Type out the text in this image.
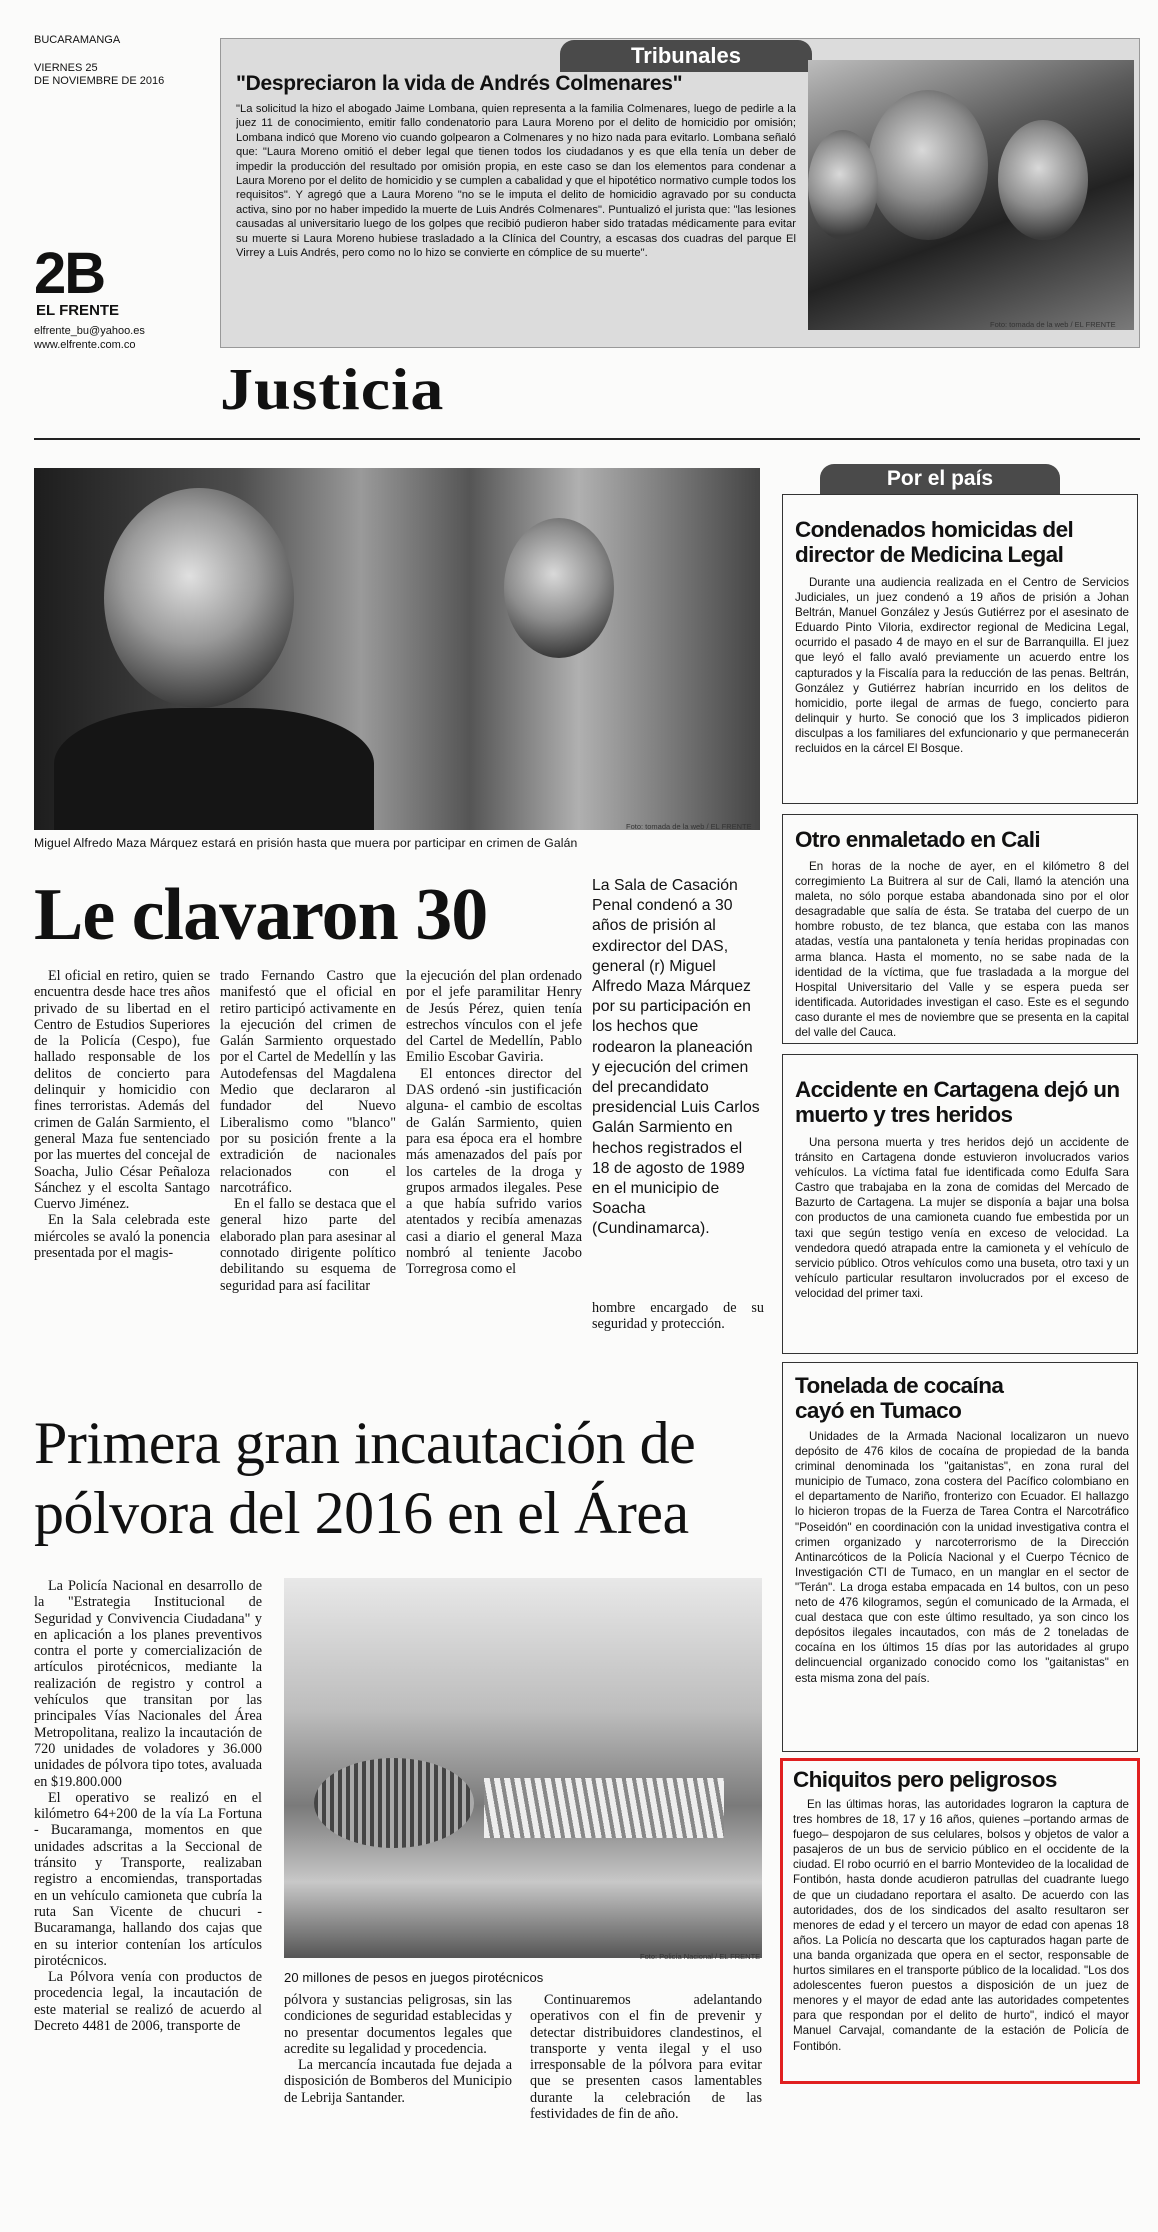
BUCARAMANGA
VIERNES 25
DE NOVIEMBRE DE 2016
2B
EL FRENTE
elfrente_bu@yahoo.es
www.elfrente.com.co
Tribunales
"Despreciaron la vida de Andrés Colmenares"
"La solicitud la hizo el abogado Jaime Lombana, quien representa a la familia Colmenares, luego de pedirle a la juez 11 de conocimiento, emitir fallo condenatorio para Laura Moreno por el delito de homicidio por omisión; Lombana indicó que Moreno vio cuando golpearon a Colmenares y no hizo nada para evitarlo. Lombana señaló que: "Laura Moreno omitió el deber legal que tienen todos los ciudadanos y es que ella tenía un deber de impedir la producción del resultado por omisión propia, en este caso se dan los elementos para condenar a Laura Moreno por el delito de homicidio y se cumplen a cabalidad y que el hipotético normativo cumple todos los requisitos". Y agregó que a Laura Moreno "no se le imputa el delito de homicidio agravado por su conducta activa, sino por no haber impedido la muerte de Luis Andrés Colmenares". Puntualizó el jurista que: "las lesiones causadas al universitario luego de los golpes que recibió pudieron haber sido tratadas médicamente para evitar su muerte si Laura Moreno hubiese trasladado a la Clínica del Country, a escasas dos cuadras del parque El Virrey a Luis Andrés, pero como no lo hizo se convierte en cómplice de su muerte".
Foto: tomada de la web / EL FRENTE
Justicia
Foto: tomada de la web / EL FRENTE
Miguel Alfredo Maza Márquez estará en prisión hasta que muera por participar en crimen de Galán
Le clavaron 30	La Sala de Casación Penal condenó a 30 años de prisión al exdirector del DAS, general (r) Miguel Alfredo Maza Márquez por su participación en los hechos que rodearon la planeación y ejecución del crimen del precandidato presidencial Luis Carlos Galán Sarmiento en hechos registrados el 18 de agosto de 1989 en el municipio de Soacha (Cundinamarca).

El oficial en retiro, quien se encuentra desde hace tres años privado de su libertad en el Centro de Estudios Superiores de la Policía (Cespo), fue hallado responsable de los delitos de concierto para delinquir y homicidio con fines terroristas. Además del crimen de Galán Sarmiento, el general Maza fue sentenciado por las muertes del concejal de Soacha, Julio César Peñaloza Sánchez y el escolta Santago Cuervo Jiménez.

En la Sala celebrada este miércoles se avaló la ponencia presentada por el magis-

trado Fernando Castro que manifestó que el oficial en retiro participó activamente en la ejecución del crimen de Galán Sarmiento orquestado por el Cartel de Medellín y las Autodefensas del Magdalena Medio que declararon al fundador del Nuevo Liberalismo como "blanco" por su posición frente a la extradición de nacionales relacionados con el narcotráfico.

En el fallo se destaca que el general hizo parte del elaborado plan para asesinar al connotado dirigente político debilitando su esquema de seguridad para así facilitar

la ejecución del plan ordenado por el jefe paramilitar Henry de Jesús Pérez, quien tenía estrechos vínculos con el jefe del Cartel de Medellín, Pablo Emilio Escobar Gaviria.

El entonces director del DAS ordenó -sin justificación alguna- el cambio de escoltas de Galán Sarmiento, quien para esa época era el hombre más amenazados del país por los carteles de la droga y grupos armados ilegales. Pese a que había sufrido varios atentados y recibía amenazas casi a diario el general Maza nombró al teniente Jacobo Torregrosa como el

hombre encargado de su seguridad y protección.

Primera gran incautación de pólvora del 2016 en el Área

La Policía Nacional en desarrollo de la "Estrategia Institucional de Seguridad y Convivencia Ciudadana" y en aplicación a los planes preventivos contra el porte y comercialización de artículos pirotécnicos, mediante la realización de registro y control a vehículos que transitan por las principales Vías Nacionales del Área Metropolitana, realizo la incautación de 720 unidades de voladores y 36.000 unidades de pólvora tipo totes, avaluada en $19.800.000

El operativo se realizó en el kilómetro 64+200 de la vía La Fortuna - Bucaramanga, momentos en que unidades adscritas a la Seccional de tránsito y Transporte, realizaban registro a encomiendas, transportadas en un vehículo camioneta que cubría la ruta San Vicente de chucuri - Bucaramanga, hallando dos cajas que en su interior contenían los artículos pirotécnicos.

La Pólvora venía con productos de procedencia legal, la incautación de este material se realizó de acuerdo al Decreto 4481 de 2006, transporte de

Foto: Policía Nacional / EL FRENTE
20 millones de pesos en juegos pirotécnicos

pólvora y sustancias peligrosas, sin las condiciones de seguridad establecidas y no presentar documentos legales que acredite su legalidad y procedencia.

La mercancía incautada fue dejada a disposición de Bomberos del Municipio de Lebrija Santander.

Continuaremos adelantando operativos con el fin de prevenir y detectar distribuidores clandestinos, el transporte y venta ilegal y el uso irresponsable de la pólvora para evitar que se presenten casos lamentables durante la celebración de las festividades de fin de año.

Por el país
Condenados homicidas del director de Medicina Legal

Durante una audiencia realizada en el Centro de Servicios Judiciales, un juez condenó a 19 años de prisión a Johan Beltrán, Manuel González y Jesús Gutiérrez por el asesinato de Eduardo Pinto Viloria, exdirector regional de Medicina Legal, ocurrido el pasado 4 de mayo en el sur de Barranquilla. El juez que leyó el fallo avaló previamente un acuerdo entre los capturados y la Fiscalía para la reducción de las penas. Beltrán, González y Gutiérrez habrían incurrido en los delitos de homicidio, porte ilegal de armas de fuego, concierto para delinquir y hurto. Se conoció que los 3 implicados pidieron disculpas a los familiares del exfuncionario y que permanecerán recluidos en la cárcel El Bosque.

Otro enmaletado en Cali

En horas de la noche de ayer, en el kilómetro 8 del corregimiento La Buitrera al sur de Cali, llamó la atención una maleta, no sólo porque estaba abandonada sino por el olor desagradable que salía de ésta. Se trataba del cuerpo de un hombre robusto, de tez blanca, que estaba con las manos atadas, vestía una pantaloneta y tenía heridas propinadas con arma blanca. Hasta el momento, no se sabe nada de la identidad de la víctima, que fue trasladada a la morgue del Hospital Universitario del Valle y se espera pueda ser identificada. Autoridades investigan el caso. Este es el segundo caso durante el mes de noviembre que se presenta en la capital del valle del Cauca.

Accidente en Cartagena dejó un muerto y tres heridos

Una persona muerta y tres heridos dejó un accidente de tránsito en Cartagena donde estuvieron involucrados varios vehículos. La víctima fatal fue identificada como Edulfa Sara Castro que trabajaba en la zona de comidas del Mercado de Bazurto de Cartagena. La mujer se disponía a bajar una bolsa con productos de una camioneta cuando fue embestida por un taxi que según testigo venía en exceso de velocidad. La vendedora quedó atrapada entre la camioneta y el vehículo de servicio público. Otros vehículos como una buseta, otro taxi y un vehículo particular resultaron involucrados por el exceso de velocidad del primer taxi.

Tonelada de cocaína cayó en Tumaco

Unidades de la Armada Nacional localizaron un nuevo depósito de 476 kilos de cocaína de propiedad de la banda criminal denominada los "gaitanistas", en zona rural del municipio de Tumaco, zona costera del Pacífico colombiano en el departamento de Nariño, fronterizo con Ecuador. El hallazgo lo hicieron tropas de la Fuerza de Tarea Contra el Narcotráfico "Poseidón" en coordinación con la unidad investigativa contra el crimen organizado y narcoterrorismo de la Dirección Antinarcóticos de la Policía Nacional y el Cuerpo Técnico de Investigación CTI de Tumaco, en un manglar en el sector de "Terán". La droga estaba empacada en 14 bultos, con un peso neto de 476 kilogramos, según el comunicado de la Armada, el cual destaca que con este último resultado, ya son cinco los depósitos ilegales incautados, con más de 2 toneladas de cocaína en los últimos 15 días por las autoridades al grupo delincuencial organizado conocido como los "gaitanistas" en esta misma zona del país.

Chiquitos pero peligrosos

En las últimas horas, las autoridades lograron la captura de tres hombres de 18, 17 y 16 años, quienes –portando armas de fuego– despojaron de sus celulares, bolsos y objetos de valor a pasajeros de un bus de servicio público en el occidente de la ciudad. El robo ocurrió en el barrio Montevideo de la localidad de Fontibón, hasta donde acudieron patrullas del cuadrante luego de que un ciudadano reportara el asalto. De acuerdo con las autoridades, dos de los sindicados del asalto resultaron ser menores de edad y el tercero un mayor de edad con apenas 18 años. La Policía no descarta que los capturados hagan parte de una banda organizada que opera en el sector, responsable de hurtos similares en el transporte público de la localidad. "Los dos adolescentes fueron puestos a disposición de un juez de menores y el mayor de edad ante las autoridades competentes para que respondan por el delito de hurto", indicó el mayor Manuel Carvajal, comandante de la estación de Policía de Fontibón.
